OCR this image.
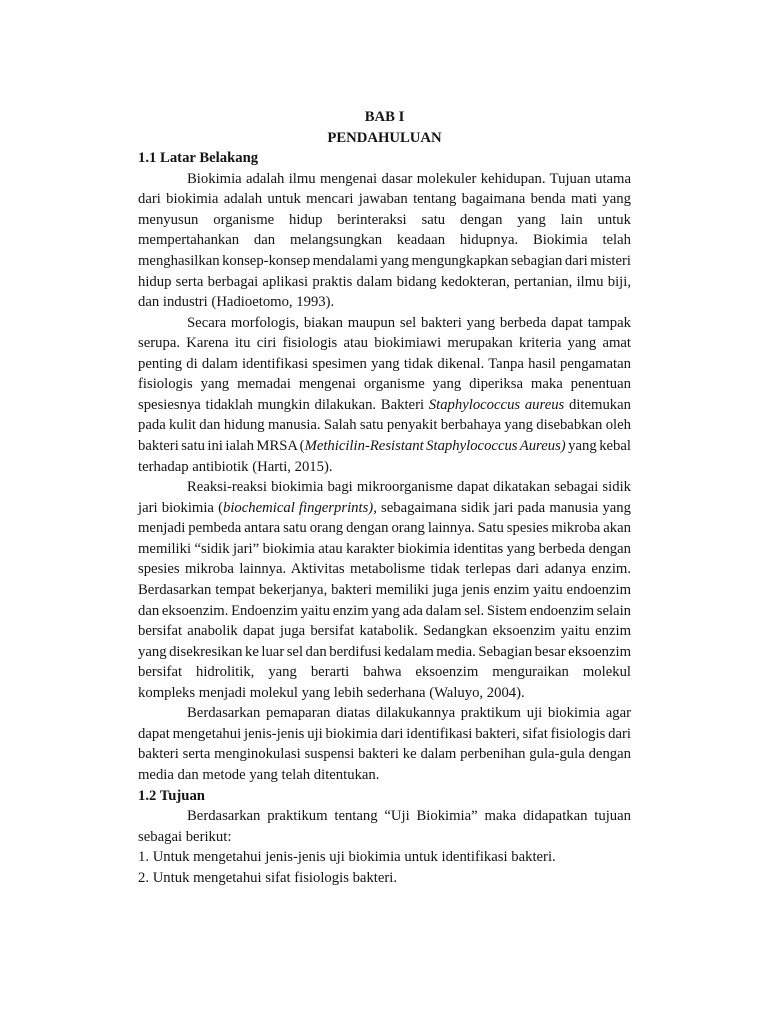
BAB I
PENDAHULUAN
1.1 Latar Belakang
Biokimia adalah ilmu mengenai dasar molekuler kehidupan. Tujuan utama
dari biokimia adalah untuk mencari jawaban tentang bagaimana benda mati yang
menyusun organisme hidup berinteraksi satu dengan yang lain untuk
mempertahankan dan melangsungkan keadaan hidupnya. Biokimia telah
menghasilkan konsep-konsep mendalami yang mengungkapkan sebagian dari misteri
hidup serta berbagai aplikasi praktis dalam bidang kedokteran, pertanian, ilmu biji,
dan industri (Hadioetomo, 1993).
Secara morfologis, biakan maupun sel bakteri yang berbeda dapat tampak
serupa. Karena itu ciri fisiologis atau biokimiawi merupakan kriteria yang amat
penting di dalam identifikasi spesimen yang tidak dikenal. Tanpa hasil pengamatan
fisiologis yang memadai mengenai organisme yang diperiksa maka penentuan
spesiesnya tidaklah mungkin dilakukan. Bakteri Staphylococcus aureus ditemukan
pada kulit dan hidung manusia. Salah satu penyakit berbahaya yang disebabkan oleh
bakteri satu ini ialah MRSA (Methicilin-Resistant Staphylococcus Aureus) yang kebal
terhadap antibiotik (Harti, 2015).
Reaksi-reaksi biokimia bagi mikroorganisme dapat dikatakan sebagai sidik
jari biokimia (biochemical fingerprints), sebagaimana sidik jari pada manusia yang
menjadi pembeda antara satu orang dengan orang lainnya. Satu spesies mikroba akan
memiliki “sidik jari” biokimia atau karakter biokimia identitas yang berbeda dengan
spesies mikroba lainnya. Aktivitas metabolisme tidak terlepas dari adanya enzim.
Berdasarkan tempat bekerjanya, bakteri memiliki juga jenis enzim yaitu endoenzim
dan eksoenzim. Endoenzim yaitu enzim yang ada dalam sel. Sistem endoenzim selain
bersifat anabolik dapat juga bersifat katabolik. Sedangkan eksoenzim yaitu enzim
yang disekresikan ke luar sel dan berdifusi kedalam media. Sebagian besar eksoenzim
bersifat hidrolitik, yang berarti bahwa eksoenzim menguraikan molekul
kompleks menjadi molekul yang lebih sederhana (Waluyo, 2004).
Berdasarkan pemaparan diatas dilakukannya praktikum uji biokimia agar
dapat mengetahui jenis-jenis uji biokimia dari identifikasi bakteri, sifat fisiologis dari
bakteri serta menginokulasi suspensi bakteri ke dalam perbenihan gula-gula dengan
media dan metode yang telah ditentukan.
1.2 Tujuan
Berdasarkan praktikum tentang “Uji Biokimia” maka didapatkan tujuan
sebagai berikut:
1. Untuk mengetahui jenis-jenis uji biokimia untuk identifikasi bakteri.
2. Untuk mengetahui sifat fisiologis bakteri.
